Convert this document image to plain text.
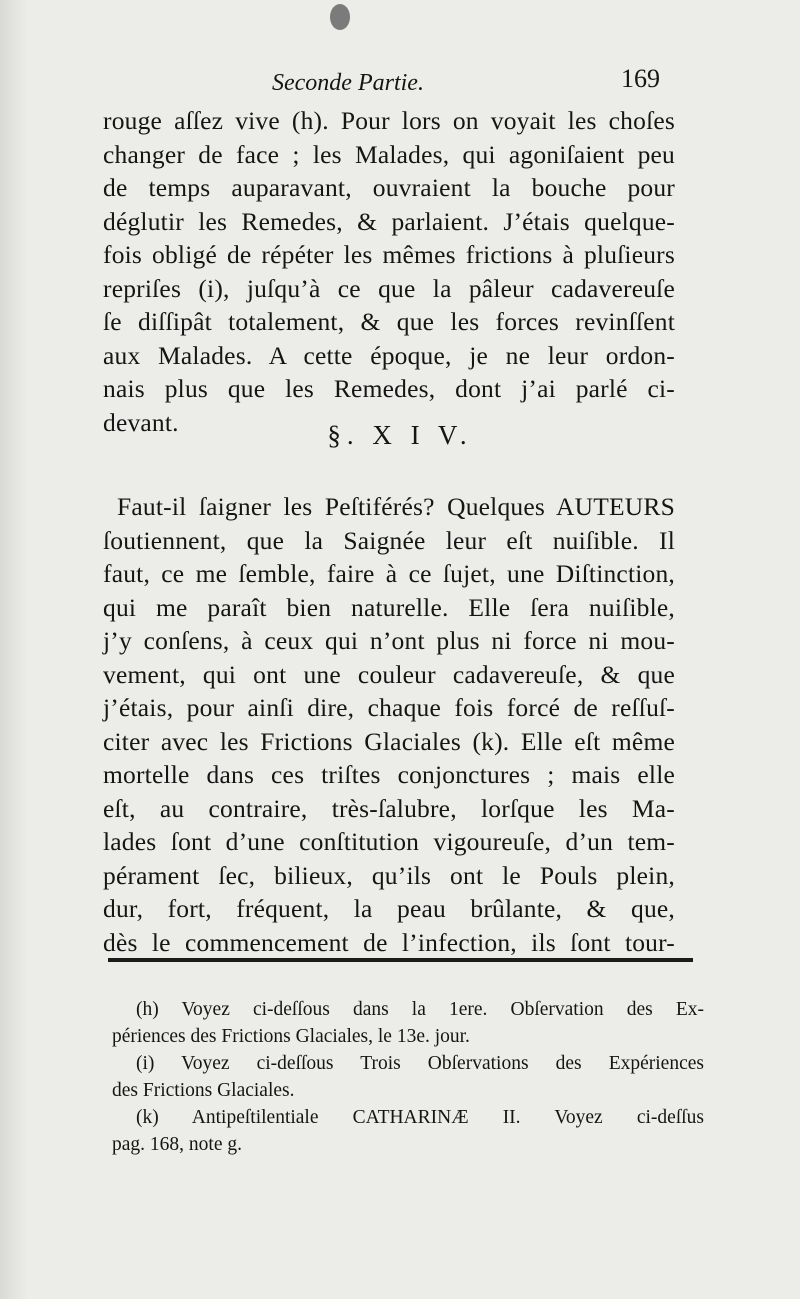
Seconde Partie.	169
rouge aſſez vive (h). Pour lors on voyait les choſes
changer de face ; les Malades, qui agoniſaient peu
de temps auparavant, ouvraient la bouche pour
déglutir les Remedes, & parlaient. J’étais quelque-
fois obligé de répéter les mêmes frictions à pluſieurs
repriſes (i), juſqu’à ce que la pâleur cadavereuſe
ſe diſſipât totalement, & que les forces revinſſent
aux Malades. A cette époque, je ne leur ordon-
nais plus que les Remedes, dont j’ai parlé ci-
devant.	§. X I V.
Faut-il ſaigner les Peſtiférés? Quelques AUTEURS
ſoutiennent, que la Saignée leur eſt nuiſible. Il
faut, ce me ſemble, faire à ce ſujet, une Diſtinction,
qui me paraît bien naturelle. Elle ſera nuiſible,
j’y conſens, à ceux qui n’ont plus ni force ni mou-
vement, qui ont une couleur cadavereuſe, & que
j’étais, pour ainſi dire, chaque fois forcé de reſſuſ-
citer avec les Frictions Glaciales (k). Elle eſt même
mortelle dans ces triſtes conjonctures ; mais elle
eſt, au contraire, très-ſalubre, lorſque les Ma-
lades ſont d’une conſtitution vigoureuſe, d’un tem-
pérament ſec, bilieux, qu’ils ont le Pouls plein,
dur, fort, fréquent, la peau brûlante, & que,
dès le commencement de l’infection, ils ſont tour-
(h) Voyez ci-deſſous dans la 1ere. Obſervation des Ex-
périences des Frictions Glaciales, le 13e. jour.
(i) Voyez ci-deſſous Trois Obſervations des Expériences
des Frictions Glaciales.
(k) Antipeſtilentiale CATHARINÆ II. Voyez ci-deſſus
pag. 168, note g.
